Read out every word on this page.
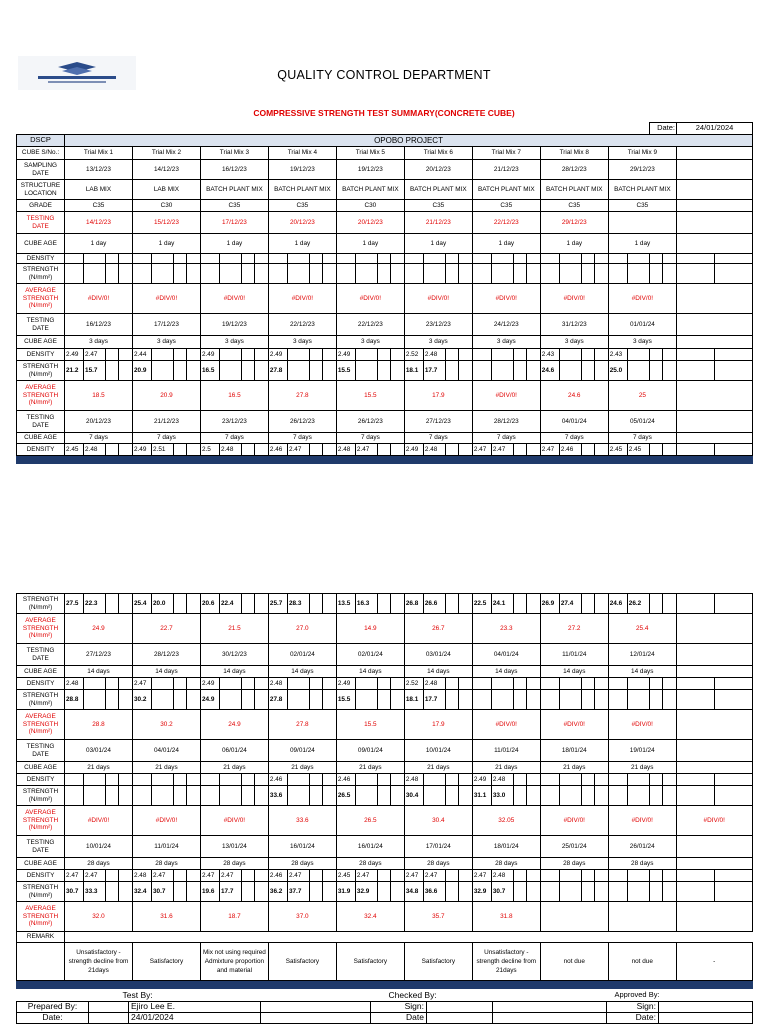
QUALITY CONTROL DEPARTMENT
COMPRESSIVE STRENGTH TEST SUMMARY(CONCRETE CUBE)
																																			Date:		24/01/2024	
DSCP	OPOBO PROJECT																																					
CUBE S/No.:	Trial Mix 1				Trial Mix 2				Trial Mix 3				Trial Mix 4				Trial Mix 5				Trial Mix 6				Trial Mix 7				Trial Mix 8				Trial Mix 9					
SAMPLING DATE	13/12/23				14/12/23				16/12/23				19/12/23				19/12/23				20/12/23				21/12/23				28/12/23				29/12/23					
STRUCTURE LOCATION	LAB MIX				LAB MIX				BATCH PLANT MIX				BATCH PLANT MIX				BATCH PLANT MIX				BATCH PLANT MIX				BATCH PLANT MIX				BATCH PLANT MIX				BATCH PLANT MIX					
GRADE	C35				C30				C35				C35				C30				C35				C35				C35				C35					
TESTING DATE	14/12/23				15/12/23				17/12/23				20/12/23				20/12/23				21/12/23				22/12/23				29/12/23									
CUBE AGE	1 day				1 day				1 day				1 day				1 day				1 day				1 day				1 day				1 day					
DENSITY																																						
STRENGTH (N/mm²)																																						
AVERAGE STRENGTH (N/mm²)	#DIV/0!				#DIV/0!				#DIV/0!				#DIV/0!				#DIV/0!				#DIV/0!				#DIV/0!				#DIV/0!				#DIV/0!					
TESTING DATE	16/12/23				17/12/23				19/12/23				22/12/23				22/12/23				23/12/23				24/12/23				31/12/23				01/01/24					
CUBE AGE	3 days				3 days				3 days				3 days				3 days				3 days				3 days				3 days				3 days					
DENSITY	2.49	2.47			2.44				2.49				2.49				2.49				2.52	2.48							2.43				2.43					
STRENGTH (N/mm²)	21.2	15.7			20.9				16.5				27.8				15.5				18.1	17.7							24.6				25.0					
AVERAGE STRENGTH (N/mm²)	18.5				20.9				16.5				27.8				15.5				17.9				#DIV/0!				24.6				25					
TESTING DATE	20/12/23				21/12/23				23/12/23				26/12/23				26/12/23				27/12/23				28/12/23				04/01/24				05/01/24					
CUBE AGE	7 days				7 days				7 days				7 days				7 days				7 days				7 days				7 days				7 days					
DENSITY	2.45	2.48			2.49	2.51			2.5	2.48			2.46	2.47			2.48	2.47			2.49	2.48			2.47	2.47			2.47	2.46			2.45	2.45				

STRENGTH (N/mm²)	27.5	22.3			25.4	20.0			20.6	22.4			25.7	28.3			13.5	16.3			26.8	26.6			22.5	24.1			26.9	27.4			24.6	26.2				
AVERAGE STRENGTH (N/mm²)	24.9				22.7				21.5				27.0				14.9				26.7				23.3				27.2				25.4					
TESTING DATE	27/12/23				28/12/23				30/12/23				02/01/24				02/01/24				03/01/24				04/01/24				11/01/24				12/01/24					
CUBE AGE	14 days				14 days				14 days				14 days				14 days				14 days				14 days				14 days				14 days					
DENSITY	2.48				2.47				2.49				2.48				2.49				2.52	2.48																
STRENGTH (N/mm²)	28.8				30.2				24.9				27.8				15.5				18.1	17.7																
AVERAGE STRENGTH (N/mm²)	28.8				30.2				24.9				27.8				15.5				17.9				#DIV/0!				#DIV/0!				#DIV/0!					
TESTING DATE	03/01/24				04/01/24				06/01/24				09/01/24				09/01/24				10/01/24				11/01/24				18/01/24				19/01/24					
CUBE AGE	21 days				21 days				21 days				21 days				21 days				21 days				21 days				21 days				21 days					
DENSITY													2.46				2.46				2.48				2.49	2.48												
STRENGTH (N/mm²)													33.6				26.5				30.4				31.1	33.0												
AVERAGE STRENGTH (N/mm²)	#DIV/0!				#DIV/0!				#DIV/0!				33.6				26.5				30.4				32.05				#DIV/0!				#DIV/0!				#DIV/0!	
TESTING DATE	10/01/24				11/01/24				13/01/24				16/01/24				16/01/24				17/01/24				18/01/24				25/01/24				26/01/24					
CUBE AGE	28 days				28 days				28 days				28 days				28 days				28 days				28 days				28 days				28 days					
DENSITY	2.47	2.47			2.48	2.47			2.47	2.47			2.46	2.47			2.45	2.47			2.47	2.47			2.47	2.48												
STRENGTH (N/mm²)	30.7	33.3			32.4	30.7			19.6	17.7			36.2	37.7			31.9	32.9			34.8	36.6			32.9	30.7												
AVERAGE STRENGTH (N/mm²)	32.0				31.6				18.7				37.0				32.4				35.7				31.8													
REMARK																																						
	Unsatisfactory - strength decline from 21days				Satisfactory				Mix not using required Admixture proportion and material				Satisfactory				Satisfactory				Satisfactory				Unsatisfactory - strength decline from 21days				not due				not due				-	

	Test By:			Checked By:				Approved By:	
Prepared By:		Ejiro Lee E.		Sign:				Sign:	
Date:		24/01/2024		Date				Date:	
